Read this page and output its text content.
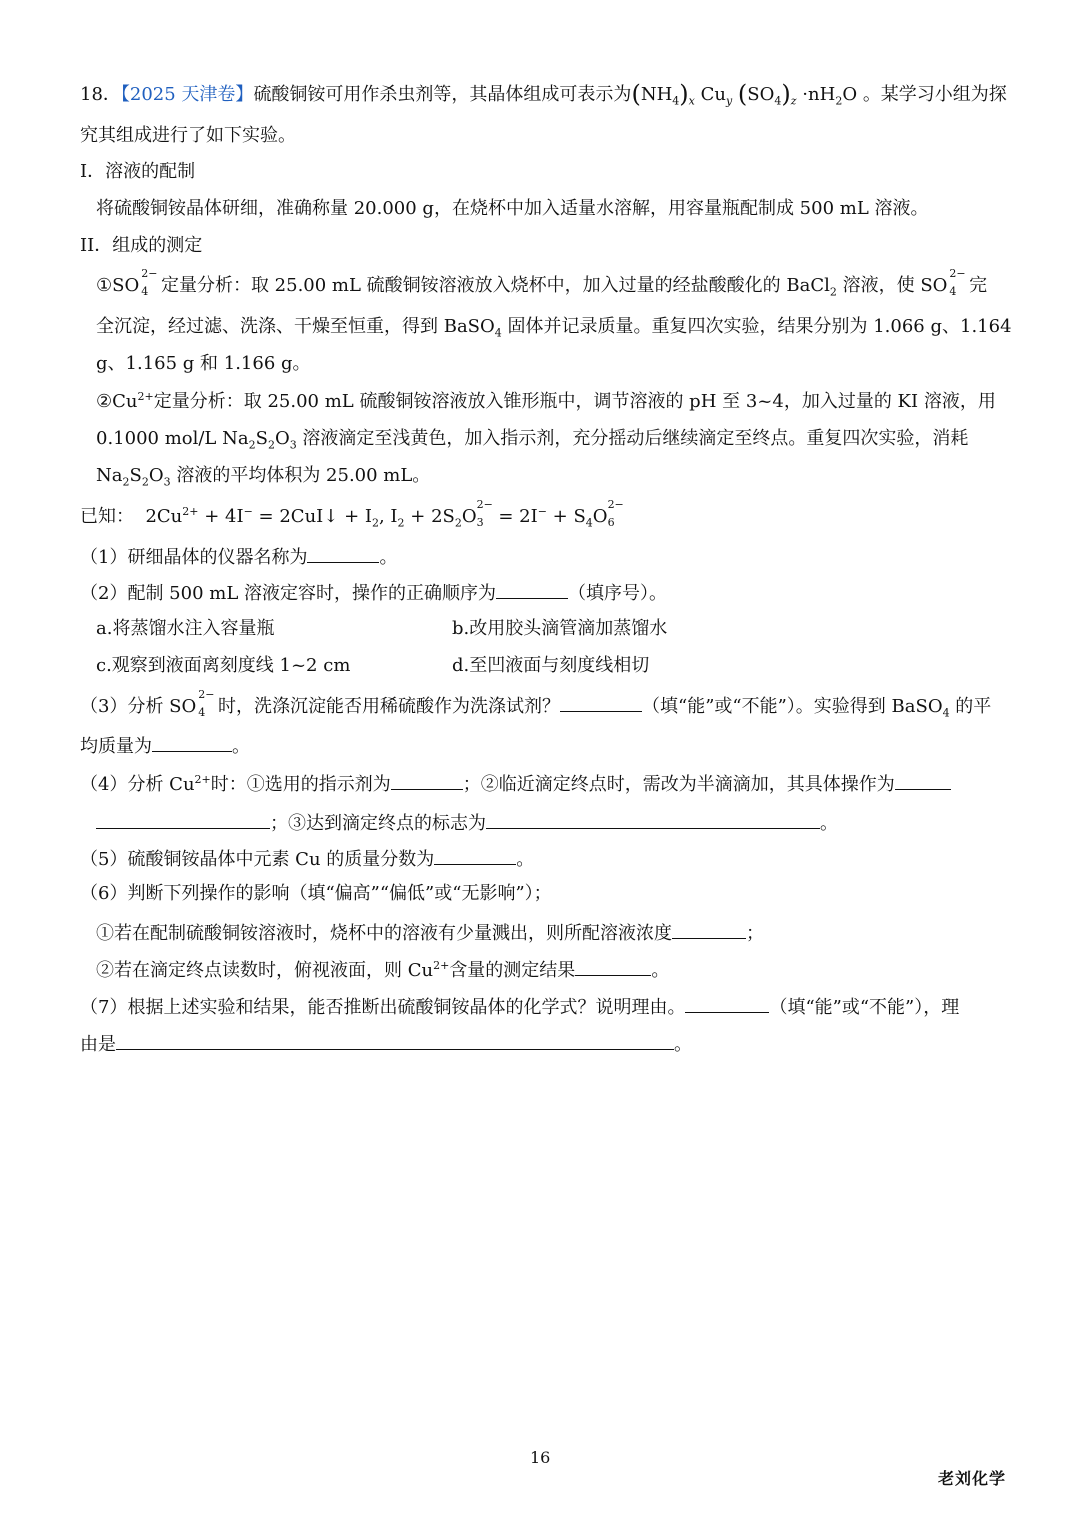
18．【2025 天津卷】硫酸铜铵可用作杀虫剂等，其晶体组成可表示为$(NH_4)_x$ $Cu_y$ $(SO_4)_z \cdot nH_2O$ 。某学习小组为探
究其组成进行了如下实验。
I．溶液的配制
将硫酸铜铵晶体研细，准确称量 20.000 g，在烧杯中加入适量水溶解，用容量瓶配制成 500 mL 溶液。
II．组成的测定
①SO
2−
4 定量分析：取 25.00 mL 硫酸铜铵溶液放入烧杯中，加入过量的经盐酸酸化的 BaCl$_2$ 溶液，使 SO
2−
4 完
全沉淀，经过滤、洗涤、干燥至恒重，得到 BaSO$_4$ 固体并记录质量。重复四次实验，结果分别为 1.066 g、1.164
g、1.165 g 和 1.166 g。
$②Cu^{2+}$定量分析：取 25.00 mL 硫酸铜铵溶液放入锥形瓶中，调节溶液的 pH 至 3~4，加入过量的 KI 溶液，用
0.1000 mol/L $Na_2S_2O_3$ 溶液滴定至浅黄色，加入指示剂，充分摇动后继续滴定至终点。重复四次实验，消耗
$Na_2S_2O_3$ 溶液的平均体积为 25.00 mL。
已知： $2Cu^{2+} + 4I^-$ = 2CuI↓ + $I_2$, $I_2 + 2S_2O$
2−
$3 = 2I^- + S_4O$
2−
6
（1）研细晶体的仪器名称为	。
（2）配制 500 mL 溶液定容时，操作的正确顺序为	（填序号）。
a.将蒸馏水注入容量瓶	b.改用胶头滴管滴加蒸馏水
c.观察到液面离刻度线 1~2 cm	d.至凹液面与刻度线相切
（3）分析 SO
2−
4 时，洗涤沉淀能否用稀硫酸作为洗涤试剂？	（填“能”或“不能”）。实验得到 BaSO$_4$ 的平
均质量为	。
（4）分析 $Cu^{2+}$时：①选用的指示剂为	；②临近滴定终点时，需改为半滴滴加，其具体操作为
；③达到滴定终点的标志为	。
（5）硫酸铜铵晶体中元素 Cu 的质量分数为	。
（6）判断下列操作的影响（填“偏高”“偏低”或“无影响”）；
①若在配制硫酸铜铵溶液时，烧杯中的溶液有少量溅出，则所配溶液浓度	；
②若在滴定终点读数时，俯视液面，则 $Cu^{2+}$含量的测定结果	。
（7）根据上述实验和结果，能否推断出硫酸铜铵晶体的化学式？说明理由。	（填“能”或“不能”），理
由是	。
16
老刘化学
